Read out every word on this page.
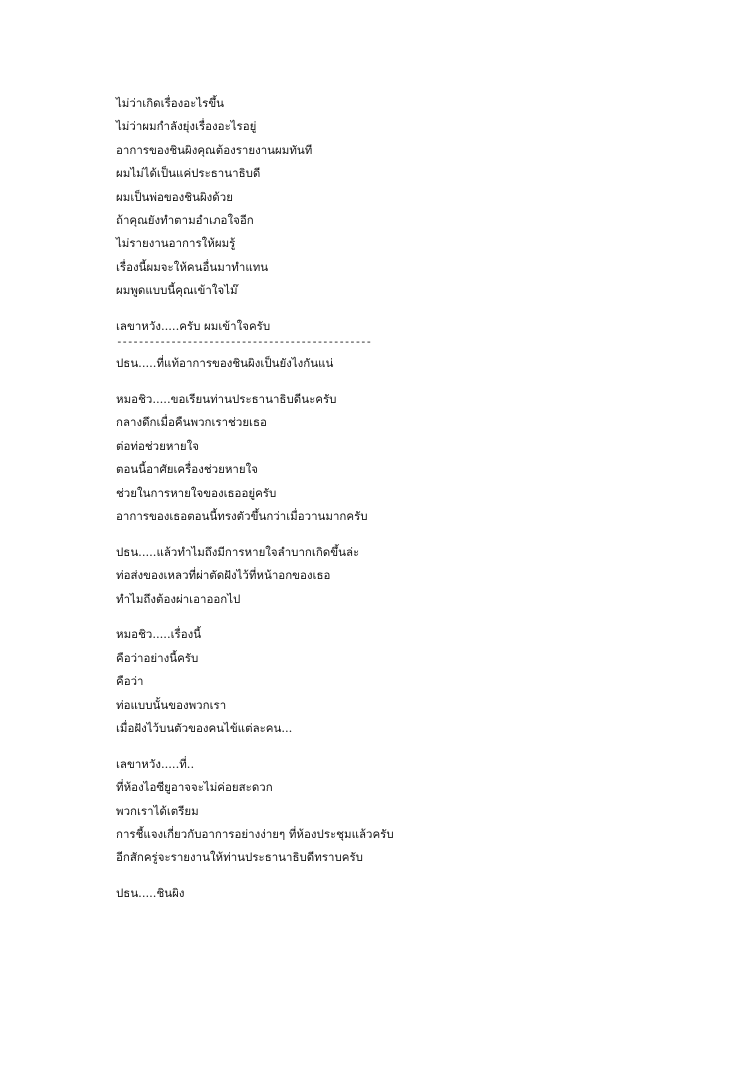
ไม่ว่าเกิดเรื่องอะไรขึ้น
ไม่ว่าผมกำลังยุ่งเรื่องอะไรอยู่
อาการของชินผิงคุณต้องรายงานผมทันที
ผมไม่ได้เป็นแค่ประธานาธิบดี
ผมเป็นพ่อของชินผิงด้วย
ถ้าคุณยังทำตามอำเภอใจอีก
ไม่รายงานอาการให้ผมรู้
เรื่องนี้ผมจะให้คนอื่นมาทำแทน
ผมพูดแบบนี้คุณเข้าใจไม๊
เลขาหวัง.....ครับ ผมเข้าใจครับ
-----------------------------------------------
ปธน.....ที่แท้อาการของชินผิงเป็นยังไงกันแน่
หมอชิว.....ขอเรียนท่านประธานาธิบดีนะครับ
กลางดึกเมื่อคืนพวกเราช่วยเธอ
ต่อท่อช่วยหายใจ
ตอนนี้อาศัยเครื่องช่วยหายใจ
ช่วยในการหายใจของเธออยู่ครับ
อาการของเธอตอนนี้ทรงตัวขึ้นกว่าเมื่อวานมากครับ
ปธน.....แล้วทำไมถึงมีการหายใจลำบากเกิดขึ้นล่ะ
ท่อส่งของเหลวที่ผ่าตัดฝังไว้ที่หน้าอกของเธอ
ทำไมถึงต้องผ่าเอาออกไป
หมอชิว.....เรื่องนี้
คือว่าอย่างนี้ครับ
คือว่า
ท่อแบบนั้นของพวกเรา
เมื่อฝังไว้บนตัวของคนไข้แต่ละคน...
เลขาหวัง.....ที่..
ที่ห้องไอซียูอาจจะไม่ค่อยสะดวก
พวกเราได้เตรียม
การชี้แจงเกี่ยวกับอาการอย่างง่ายๆ ที่ห้องประชุมแล้วครับ
อีกสักครู่จะรายงานให้ท่านประธานาธิบดีทราบครับ
ปธน.....ชินผิง
